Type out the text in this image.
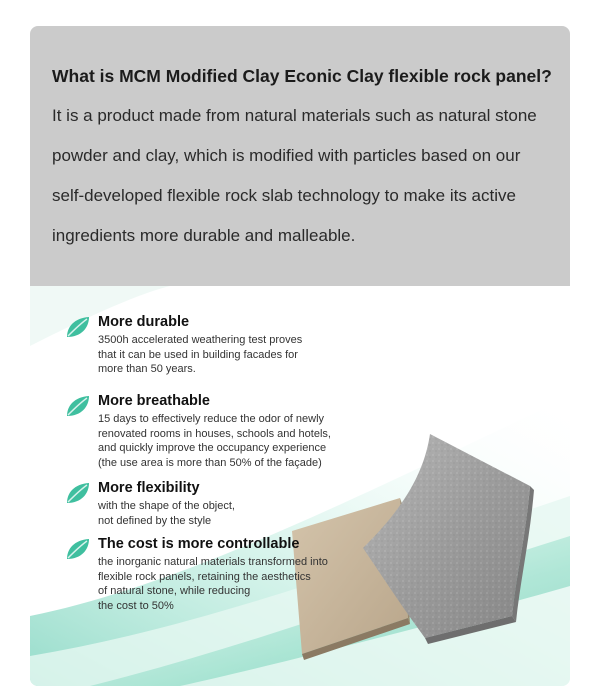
What is MCM Modified Clay Econic Clay flexible rock panel?

It is a product made from natural materials such as natural stone powder and clay, which is modified with particles based on our self-developed flexible rock slab technology to make its active ingredients more durable and malleable.

More durable

3500h accelerated weathering test proves
that it can be used in building facades for
more than 50 years.

More breathable

15 days to effectively reduce the odor of newly
renovated rooms in houses, schools and hotels,
and quickly improve the occupancy experience
(the use area is more than 50% of the façade)

More flexibility

with the shape of the object,
not defined by the style

The cost is more controllable

the inorganic natural materials transformed into
flexible rock panels, retaining the aesthetics
of natural stone, while reducing
the cost to 50%
